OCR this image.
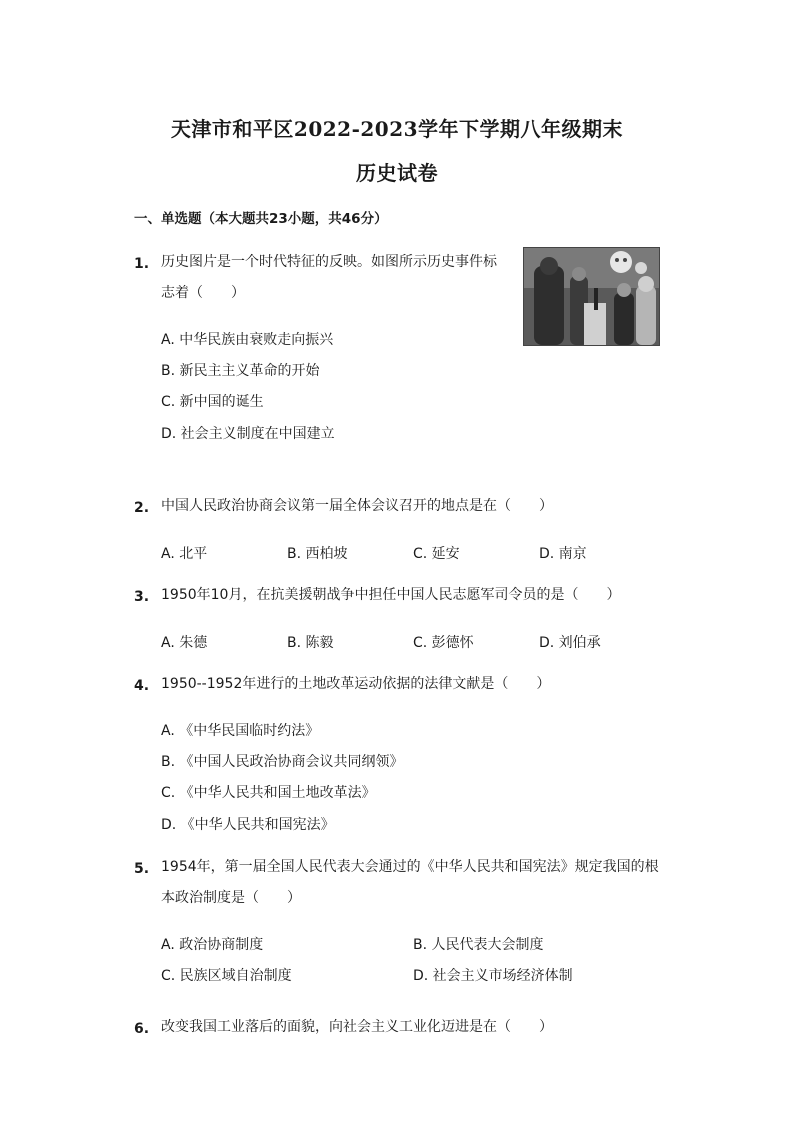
天津市和平区2022-2023学年下学期八年级期末
历史试卷
一、单选题（本大题共23小题，共46分）
1. 历史图片是一个时代特征的反映。如图所示历史事件标
志着（　　）
A. 中华民族由衰败走向振兴
B. 新民主主义革命的开始
C. 新中国的诞生
D. 社会主义制度在中国建立
2. 中国人民政治协商会议第一届全体会议召开的地点是在（　　）
A. 北平	B. 西柏坡	C. 延安	D. 南京
3. 1950年10月，在抗美援朝战争中担任中国人民志愿军司令员的是（　　）
A. 朱德	B. 陈毅	C. 彭德怀	D. 刘伯承
4. 1950--1952年进行的土地改革运动依据的法律文献是（　　）
A. 《中华民国临时约法》
B. 《中国人民政治协商会议共同纲领》
C. 《中华人民共和国土地改革法》
D. 《中华人民共和国宪法》
5. 1954年，第一届全国人民代表大会通过的《中华人民共和国宪法》规定我国的根
本政治制度是（　　）
A. 政治协商制度	B. 人民代表大会制度
C. 民族区域自治制度	D. 社会主义市场经济体制
6. 改变我国工业落后的面貌，向社会主义工业化迈进是在（　　）
